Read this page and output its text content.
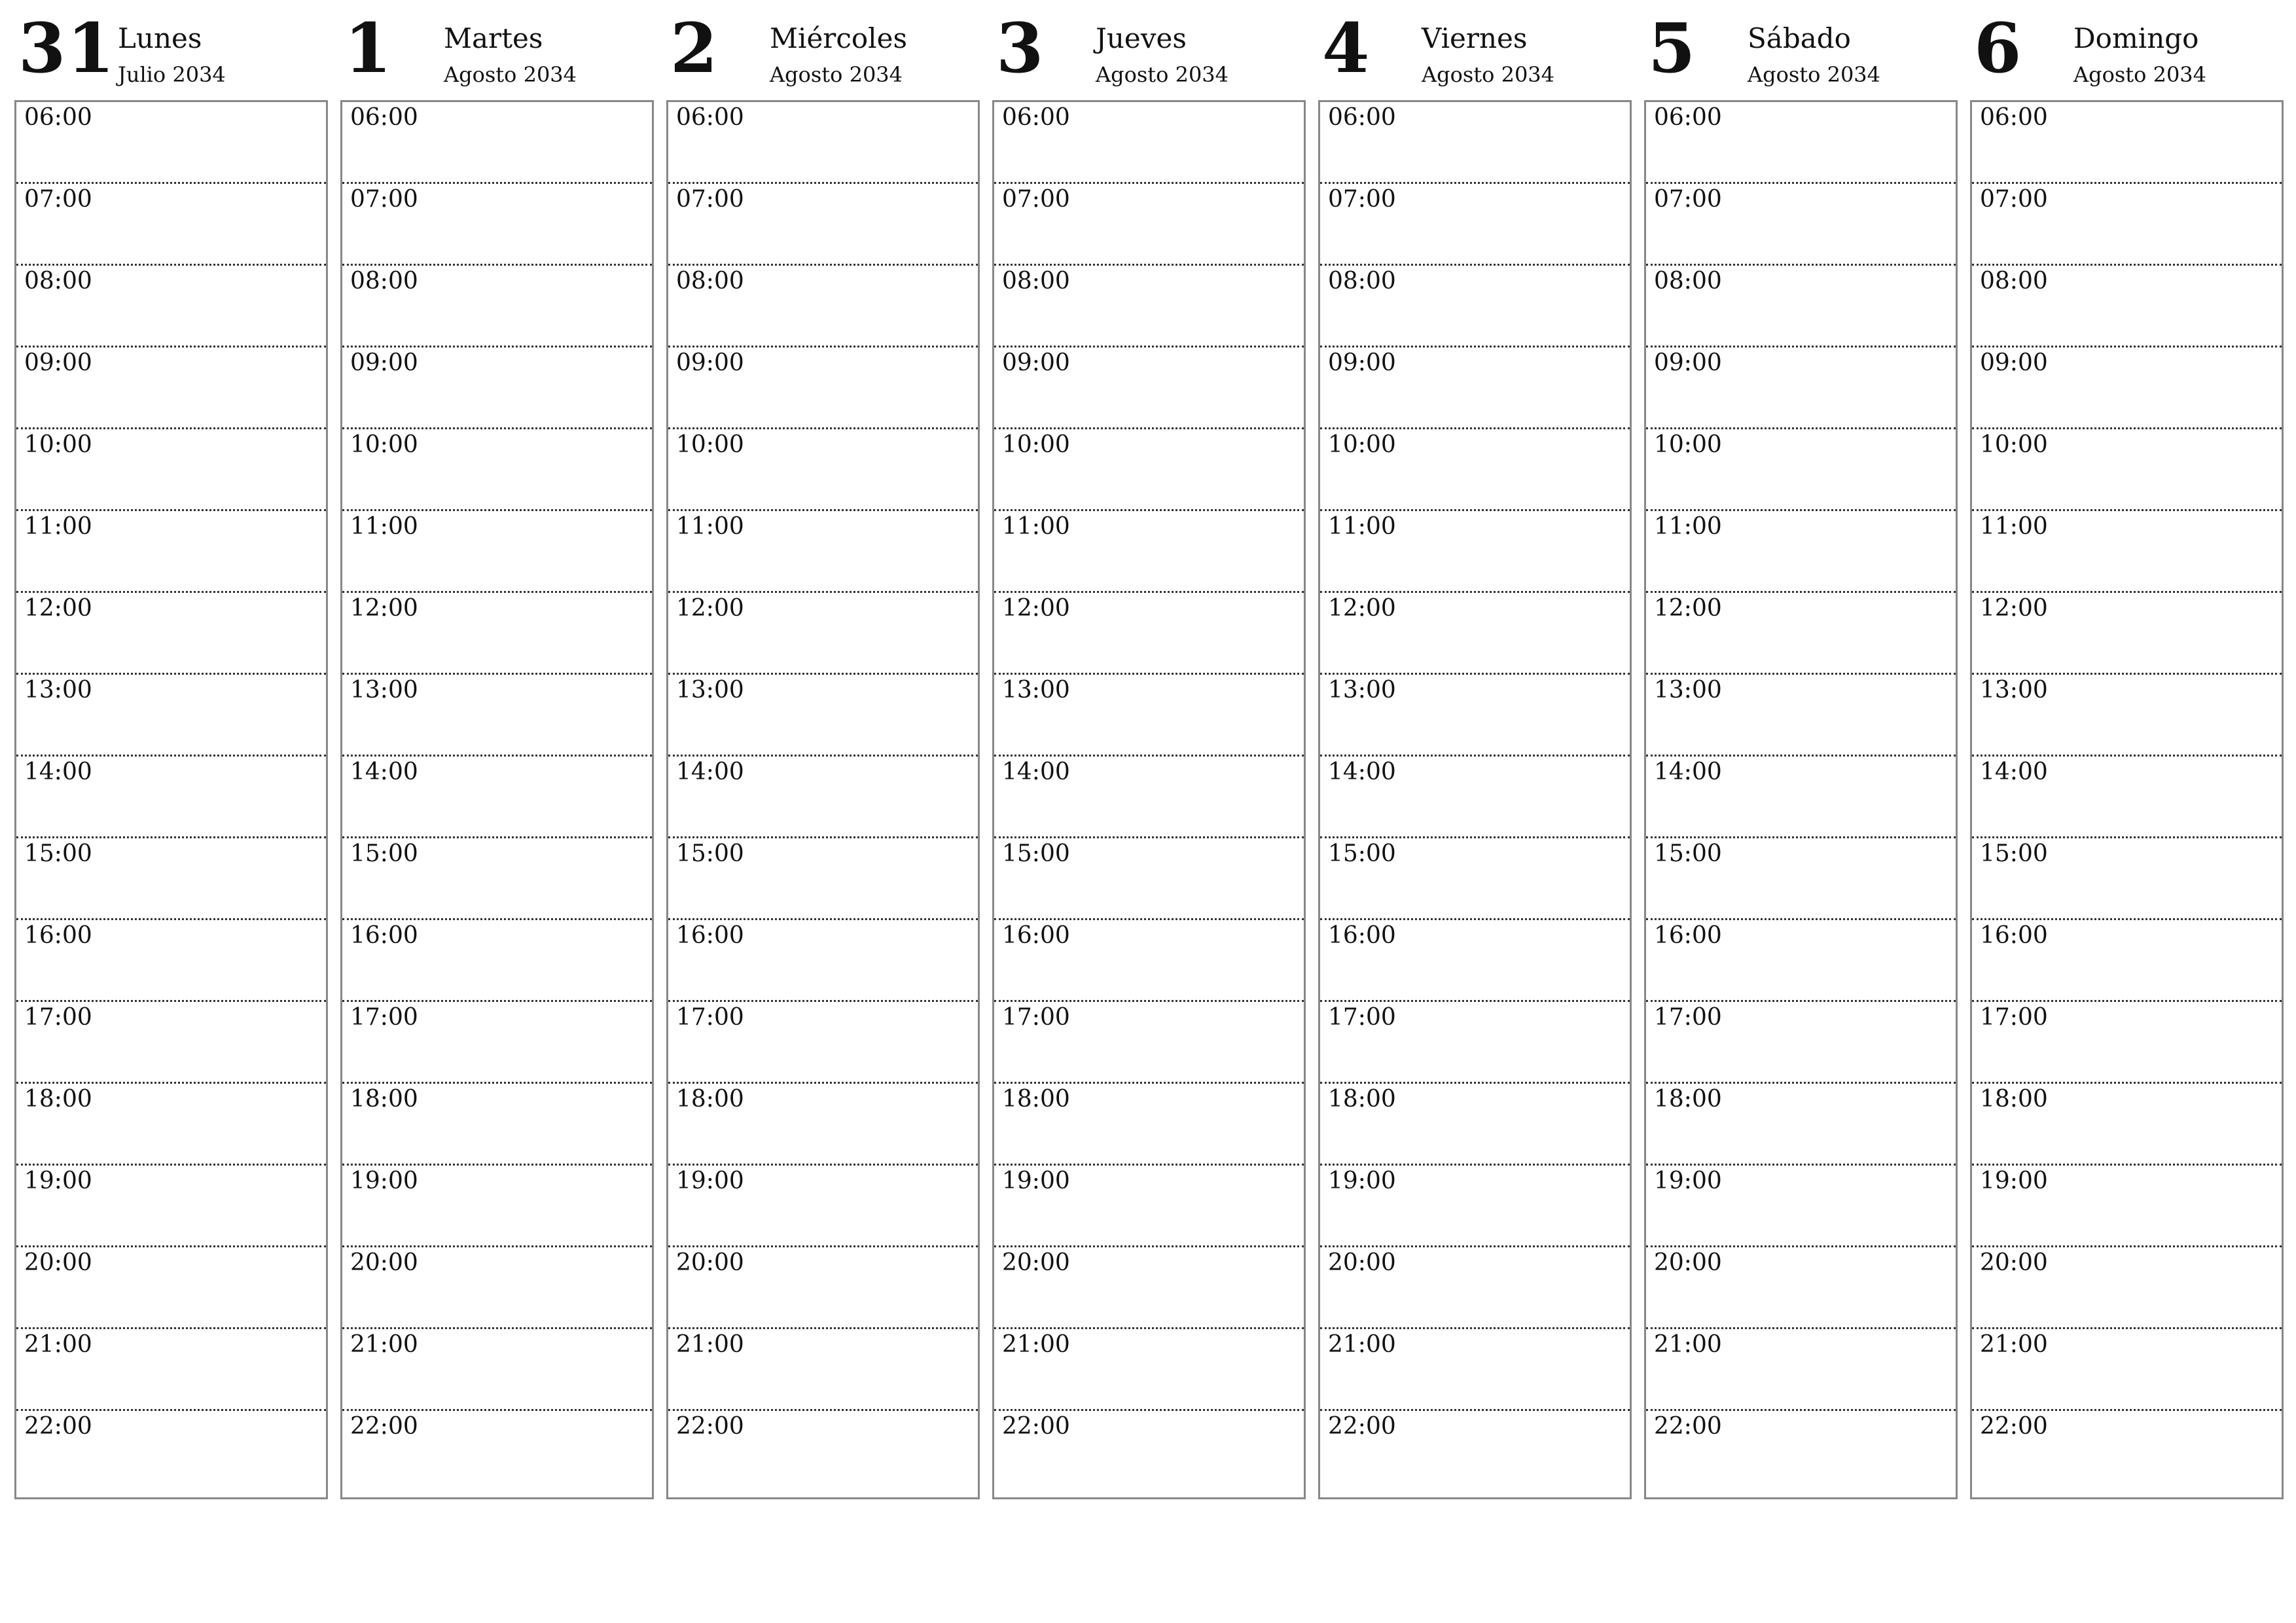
31 Lunes
Julio 2034
06:00
07:00
08:00
09:00
10:00
11:00
12:00
13:00
14:00
15:00
16:00
17:00
18:00
19:00
20:00
21:00
22:00
1 Martes
Agosto 2034
06:00
07:00
08:00
09:00
10:00
11:00
12:00
13:00
14:00
15:00
16:00
17:00
18:00
19:00
20:00
21:00
22:00
2 Miércoles
Agosto 2034
06:00
07:00
08:00
09:00
10:00
11:00
12:00
13:00
14:00
15:00
16:00
17:00
18:00
19:00
20:00
21:00
22:00
3 Jueves
Agosto 2034
06:00
07:00
08:00
09:00
10:00
11:00
12:00
13:00
14:00
15:00
16:00
17:00
18:00
19:00
20:00
21:00
22:00
4 Viernes
Agosto 2034
06:00
07:00
08:00
09:00
10:00
11:00
12:00
13:00
14:00
15:00
16:00
17:00
18:00
19:00
20:00
21:00
22:00
5 Sábado
Agosto 2034
06:00
07:00
08:00
09:00
10:00
11:00
12:00
13:00
14:00
15:00
16:00
17:00
18:00
19:00
20:00
21:00
22:00
6 Domingo
Agosto 2034
06:00
07:00
08:00
09:00
10:00
11:00
12:00
13:00
14:00
15:00
16:00
17:00
18:00
19:00
20:00
21:00
22:00
